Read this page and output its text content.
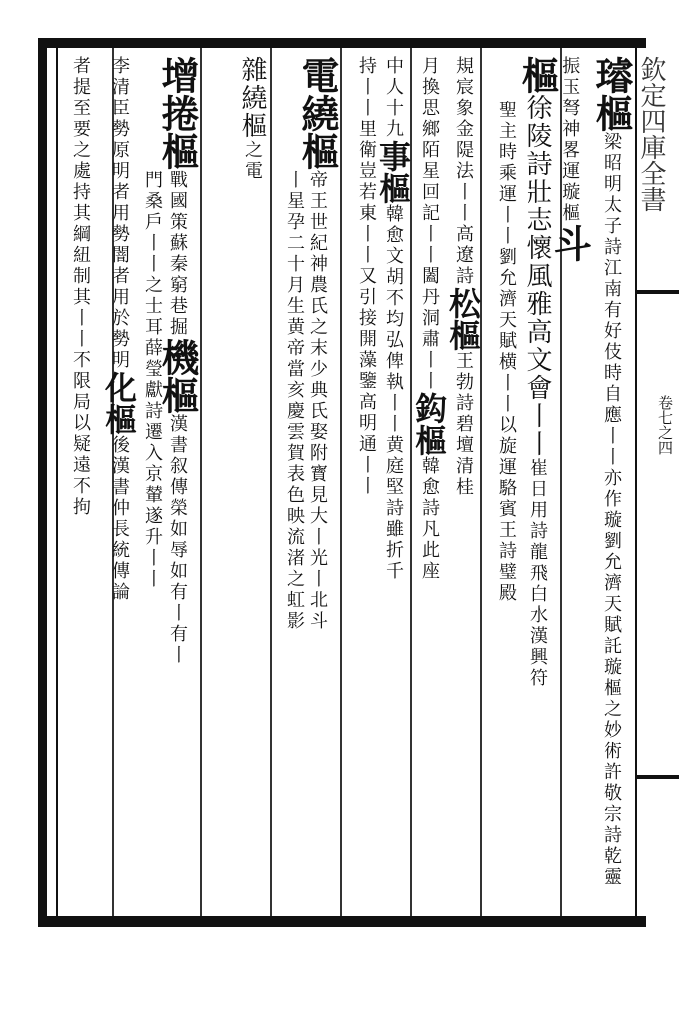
欽定四庫全書
卷七之四
璿樞梁昭明太子詩江南有好伎時自應丨丨亦作璇劉允濟天賦託璇樞之妙術許敬宗詩乾靈振玉弩神畧運璇樞斗
樞徐陵詩壯志懷風雅高文會丨丨崔日用詩龍飛白水漢興符
聖主時乘運丨丨劉允濟天賦横丨丨以旋運駱賓王詩璧殿
規宸象金隄法丨丨高遼詩松樞王勃詩碧壇清桂
月換思鄉陌星回記丨丨闔丹洞肅丨丨鈎樞韓愈詩凡此座
中人十九事樞韓愈文胡不均弘俾執丨丨黄庭堅詩雖折千
持丨丨里衛豈若東丨丨又引接開藻鑒高明通丨丨
電繞樞帝王世紀神農氏之末少典氏娶附寳見大丨光丨北斗
丨星孕二十月生黄帝當亥慶雲賀表色映流渚之虹影
雜繞樞之電
增捲樞戰國策蘇秦窮巷掘機樞漢書叙傳榮如辱如有丨有丨
門桑戶丨丨之士耳薛瑩獻詩遷入京輦遂升丨丨
李清臣勢原明者用勢闇者用於勢明化樞後漢書仲長統傳論
者提至要之處持其綱紐制其丨丨不限局以疑遠不拘
